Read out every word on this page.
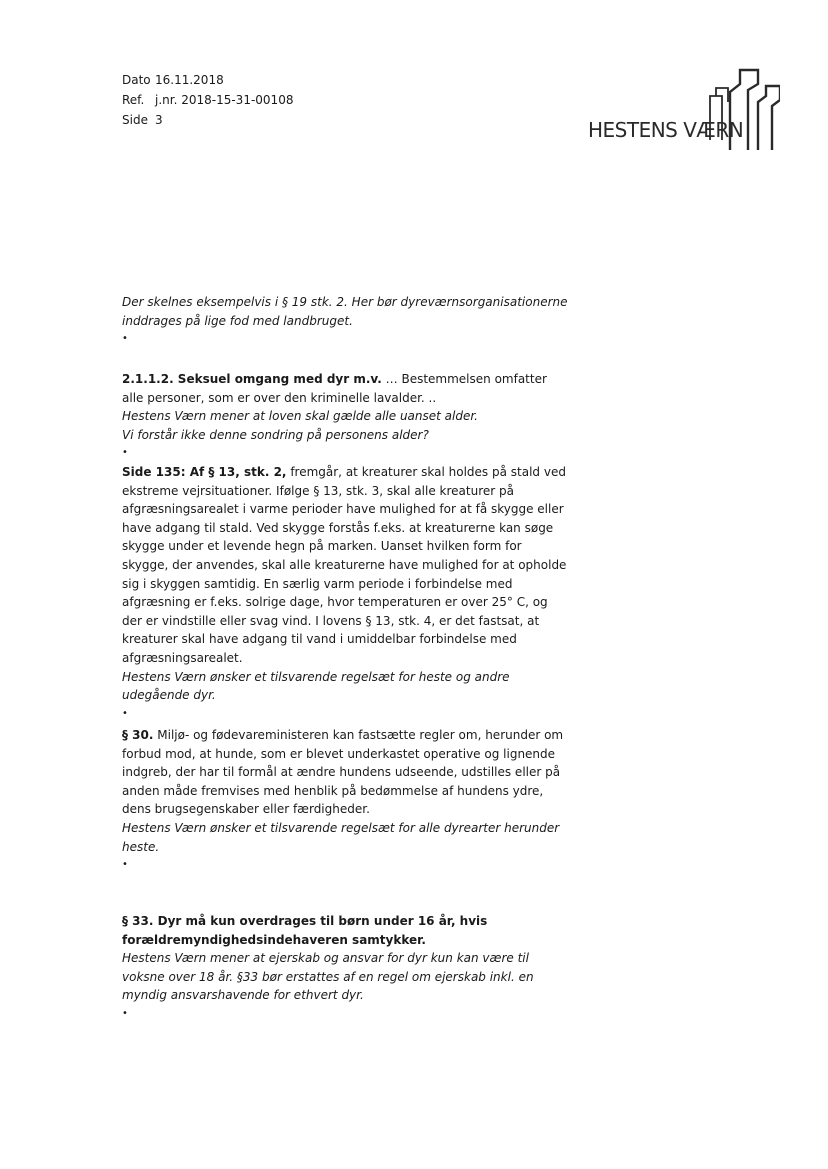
Dato 16.11.2018
Ref. j.nr. 2018-15-31-00108
Side 3	HESTENS VÆRN

Der skelnes eksempelvis i § 19 stk. 2. Her bør dyreværnsorganisationerne inddrages på lige fod med landbruget.

•

2.1.1.2. Seksuel omgang med dyr m.v. … Bestemmelsen omfatter alle personer, som er over den kriminelle lavalder. ..

Hestens Værn mener at loven skal gælde alle uanset alder.

Vi forstår ikke denne sondring på personens alder?

•

Side 135: Af § 13, stk. 2, fremgår, at kreaturer skal holdes på stald ved ekstreme vejrsituationer. Ifølge § 13, stk. 3, skal alle kreaturer på afgræsningsarealet i varme perioder have mulighed for at få skygge eller have adgang til stald. Ved skygge forstås f.eks. at kreaturerne kan søge skygge under et levende hegn på marken. Uanset hvilken form for skygge, der anvendes, skal alle kreaturerne have mulighed for at opholde sig i skyggen samtidig. En særlig varm periode i forbindelse med afgræsning er f.eks. solrige dage, hvor temperaturen er over 25° C, og der er vindstille eller svag vind. I lovens § 13, stk. 4, er det fastsat, at kreaturer skal have adgang til vand i umiddelbar forbindelse med afgræsningsarealet.

Hestens Værn ønsker et tilsvarende regelsæt for heste og andre udegående dyr.

•

§ 30. Miljø- og fødevareministeren kan fastsætte regler om, herunder om forbud mod, at hunde, som er blevet underkastet operative og lignende indgreb, der har til formål at ændre hundens udseende, udstilles eller på anden måde fremvises med henblik på bedømmelse af hundens ydre, dens brugsegenskaber eller færdigheder.

Hestens Værn ønsker et tilsvarende regelsæt for alle dyrearter herunder heste.

•

§ 33. Dyr må kun overdrages til børn under 16 år, hvis forældremyndighedsindehaveren samtykker.

Hestens Værn mener at ejerskab og ansvar for dyr kun kan være til voksne over 18 år. §33 bør erstattes af en regel om ejerskab inkl. en myndig ansvarshavende for ethvert dyr.

•
